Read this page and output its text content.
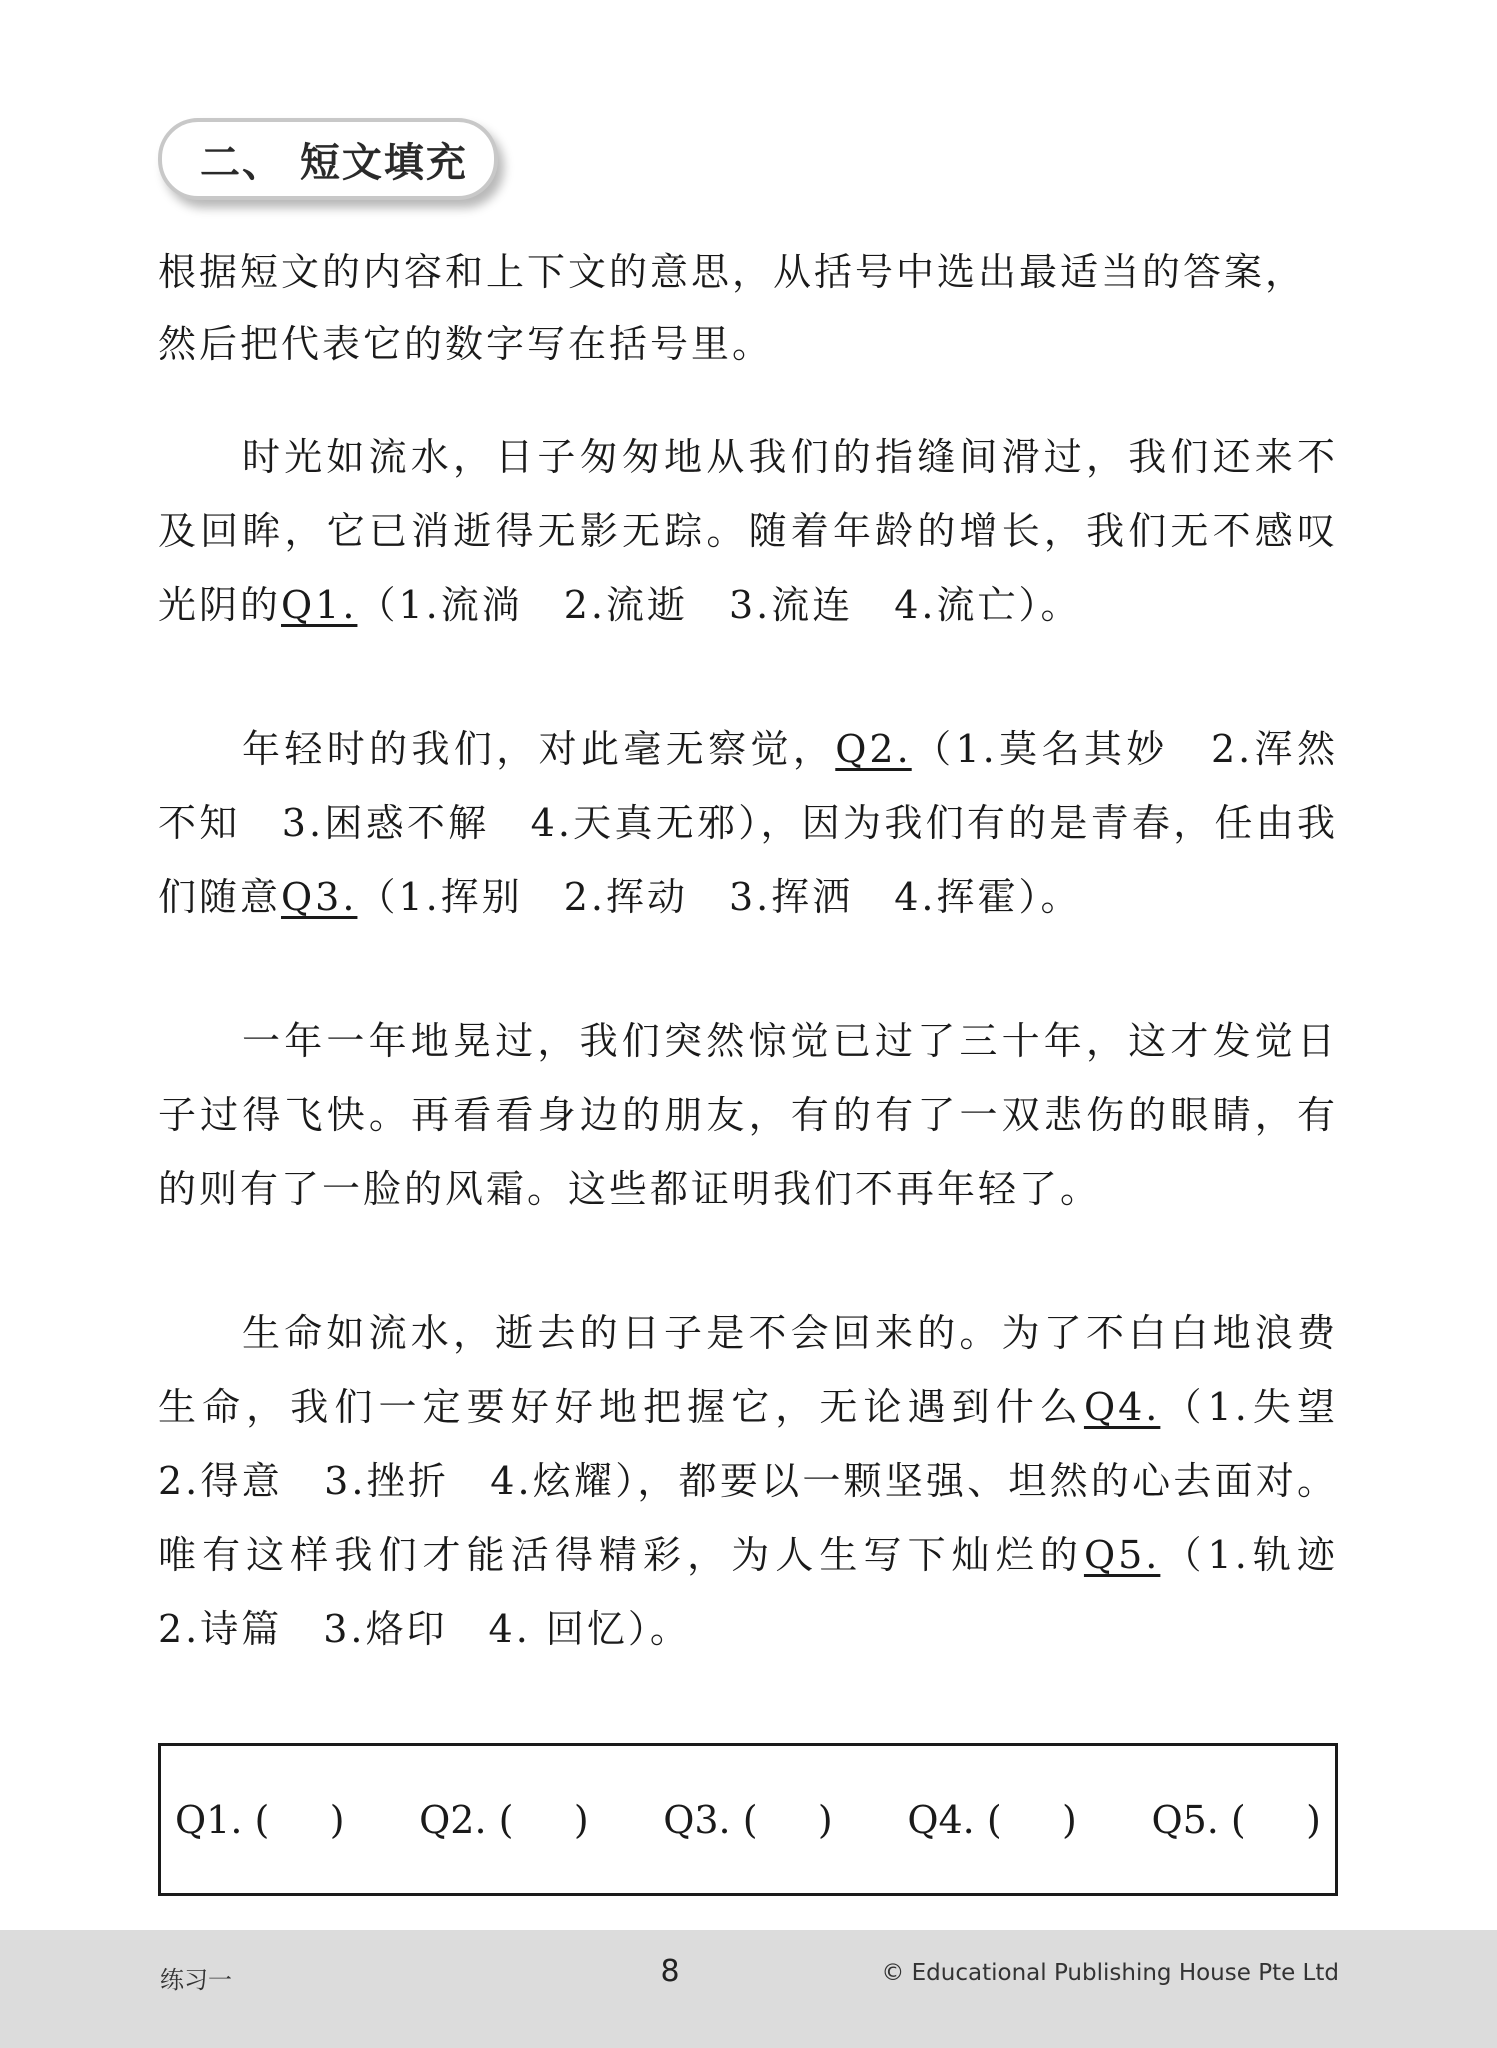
二、 短文填充
根据短文的内容和上下文的意思，从括号中选出最适当的答案，
然后把代表它的数字写在括号里。

时光如流水，日子匆匆地从我们的指缝间滑过，我们还来不及回眸，它已消逝得无影无踪。随着年龄的增长，我们无不感叹光阴的Q1.（1.流淌　2.流逝　3.流连　4.流亡）。

年轻时的我们，对此毫无察觉，Q2.（1.莫名其妙　2.浑然不知　3.困惑不解　4.天真无邪），因为我们有的是青春，任由我们随意Q3.（1.挥别　2.挥动　3.挥洒　4.挥霍）。

一年一年地晃过，我们突然惊觉已过了三十年，这才发觉日子过得飞快。再看看身边的朋友，有的有了一双悲伤的眼睛，有的则有了一脸的风霜。这些都证明我们不再年轻了。

生命如流水，逝去的日子是不会回来的。为了不白白地浪费生命，我们一定要好好地把握它，无论遇到什么Q4.（1.失望　2.得意　3.挫折　4.炫耀），都要以一颗坚强、坦然的心去面对。唯有这样我们才能活得精彩，为人生写下灿烂的Q5.（1.轨迹　2.诗篇　3.烙印　4. 回忆）。

Q1. (     ) Q2. (     ) Q3. (     ) Q4. (     ) Q5. (     )
练习一	8	© Educational Publishing House Pte Ltd
